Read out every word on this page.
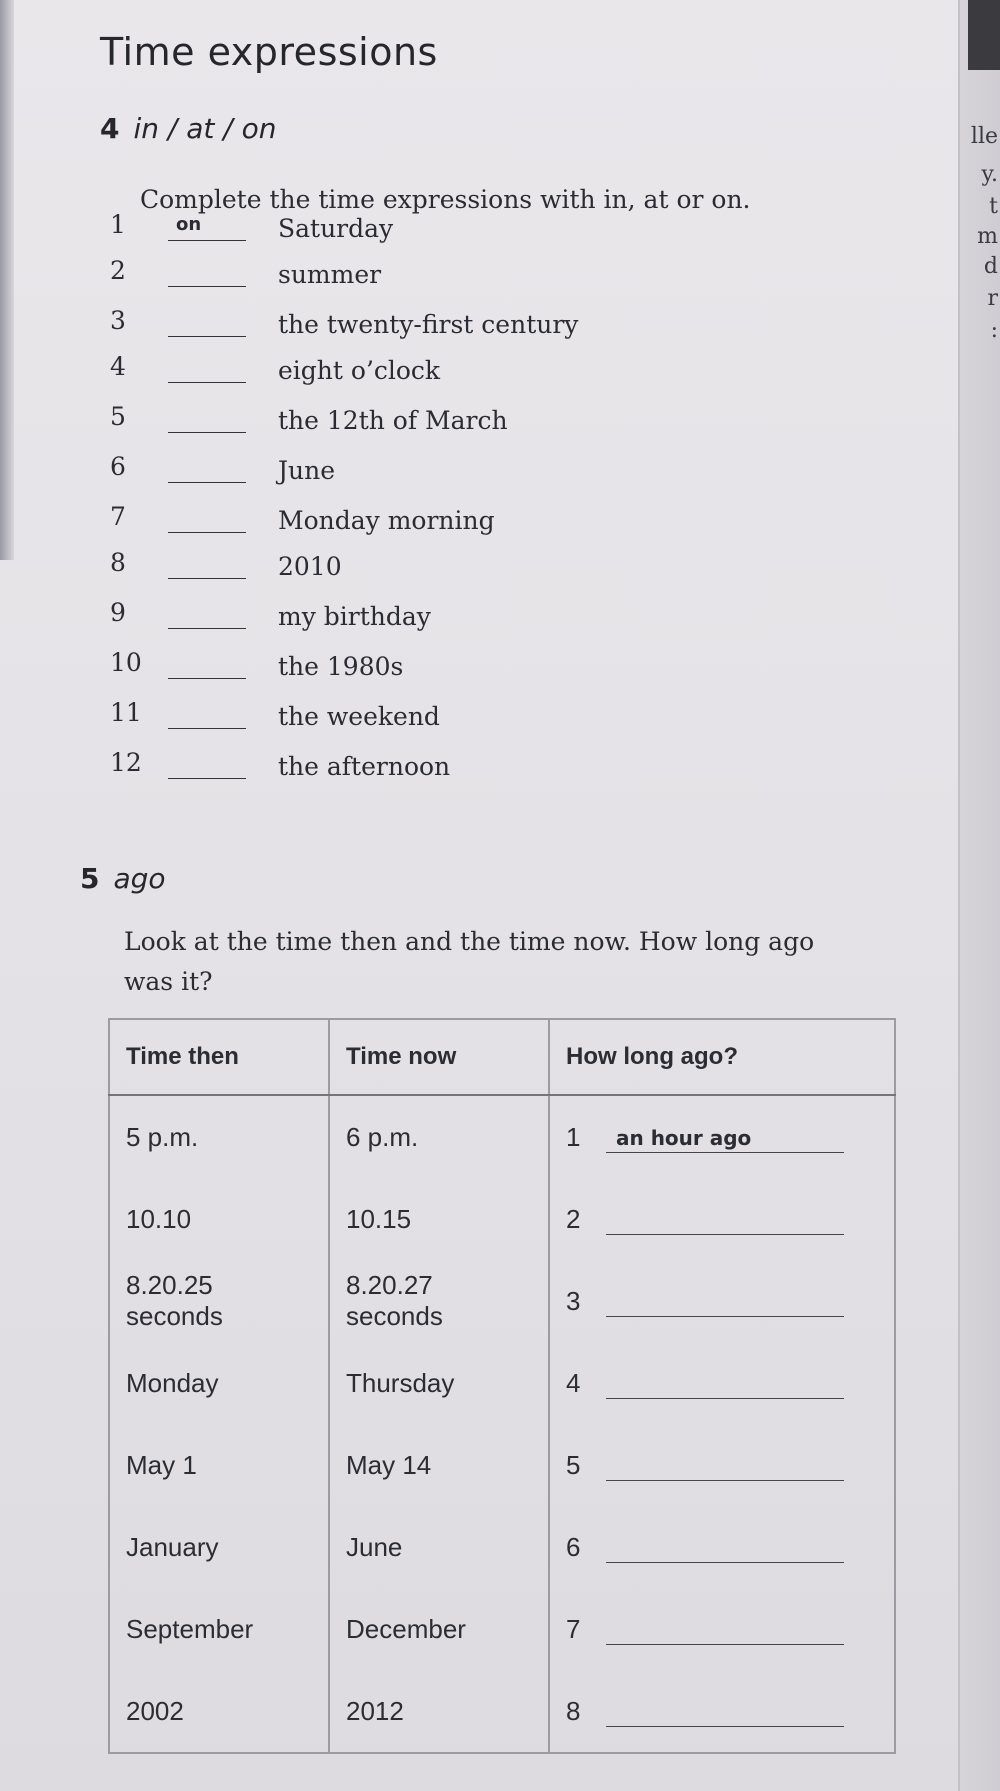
lle
y.
t
m
d
r
:
Time expressions
4 in / at / on
Complete the time expressions with in, at or on.
1	on	Saturday
2	summer
3	the twenty-first century
4	eight o’clock
5	the 12th of March
6	June
7	Monday morning
8	2010
9	my birthday
10	the 1980s
11	the weekend
12	the afternoon
5 ago
Look at the time then and the time now. How long ago was it?
Time then	Time now	How long ago?
5 p.m.	6 p.m.	1 an hour ago

10.10	10.15	2

8.20.25 seconds	8.20.27 seconds	3

Monday	Thursday	4

May 1	May 14	5

January	June	6

September	December	7

2002	2012	8
